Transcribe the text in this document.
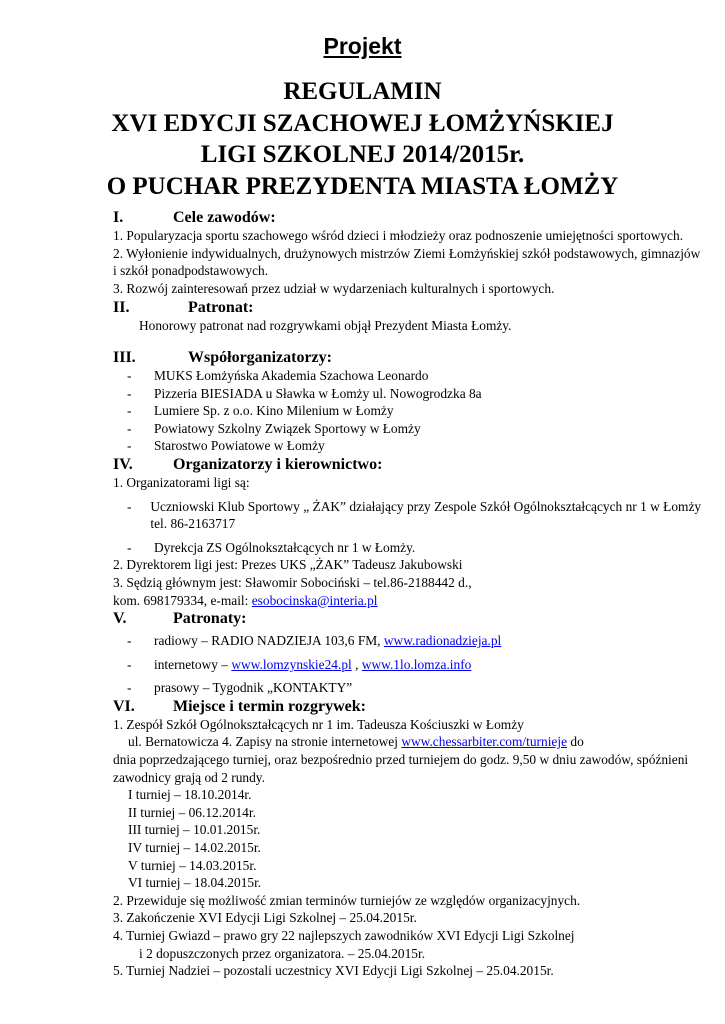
Projekt
REGULAMIN
XVI EDYCJI SZACHOWEJ ŁOMŻYŃSKIEJ
LIGI SZKOLNEJ 2014/2015r.
O PUCHAR PREZYDENTA MIASTA ŁOMŻY
I.	Cele zawodów:

1. Popularyzacja sportu szachowego wśród dzieci i młodzieży oraz podnoszenie umiejętności sportowych.

2. Wyłonienie indywidualnych, drużynowych mistrzów Ziemi Łomżyńskiej szkół podstawowych, gimnazjów i szkół ponadpodstawowych.

3. Rozwój zainteresowań przez udział w wydarzeniach kulturalnych i sportowych.

II.	Patronat:

Honorowy patronat nad rozgrywkami objął Prezydent Miasta Łomży.

III.	Współorganizatorzy:
-	MUKS Łomżyńska Akademia Szachowa Leonardo
-	Pizzeria BIESIADA u Sławka w Łomży ul. Nowogrodzka 8a
-	Lumiere Sp. z o.o. Kino Milenium w Łomży
-	Powiatowy Szkolny Związek Sportowy w Łomży
-	Starostwo Powiatowe w Łomży
IV.	Organizatorzy i kierownictwo:

1. Organizatorami ligi są:

-	Uczniowski Klub Sportowy „ ŻAK” działający przy Zespole Szkół Ogólnokształcących nr 1 w Łomży tel. 86-2163717
-	Dyrekcja ZS Ogólnokształcących nr 1 w Łomży.

2. Dyrektorem ligi jest: Prezes UKS „ŻAK” Tadeusz Jakubowski

3. Sędzią głównym jest: Sławomir Sobociński – tel.86-2188442 d.,

kom. 698179334, e-mail: esobocinska@interia.pl

V.	Patronaty:
-	radiowy – RADIO NADZIEJA 103,6 FM, www.radionadzieja.pl
-	internetowy – www.lomzynskie24.pl , www.1lo.lomza.info
-	prasowy – Tygodnik „KONTAKTY”
VI.	Miejsce i termin rozgrywek:

1. Zespół Szkół Ogólnokształcących nr 1 im. Tadeusza Kościuszki w Łomży

ul. Bernatowicza 4. Zapisy na stronie internetowej www.chessarbiter.com/turnieje do

dnia poprzedzającego turniej, oraz bezpośrednio przed turniejem do godz. 9,50 w dniu zawodów, spóźnieni zawodnicy grają od 2 rundy.

I turniej – 18.10.2014r.
II turniej – 06.12.2014r.
III turniej – 10.01.2015r.
IV turniej – 14.02.2015r.
V turniej – 14.03.2015r.
VI turniej – 18.04.2015r.

2. Przewiduje się możliwość zmian terminów turniejów ze względów organizacyjnych.

3. Zakończenie XVI Edycji Ligi Szkolnej – 25.04.2015r.

4. Turniej Gwiazd – prawo gry 22 najlepszych zawodników XVI Edycji Ligi Szkolnej

i 2 dopuszczonych przez organizatora. – 25.04.2015r.

5. Turniej Nadziei – pozostali uczestnicy XVI Edycji Ligi Szkolnej – 25.04.2015r.
